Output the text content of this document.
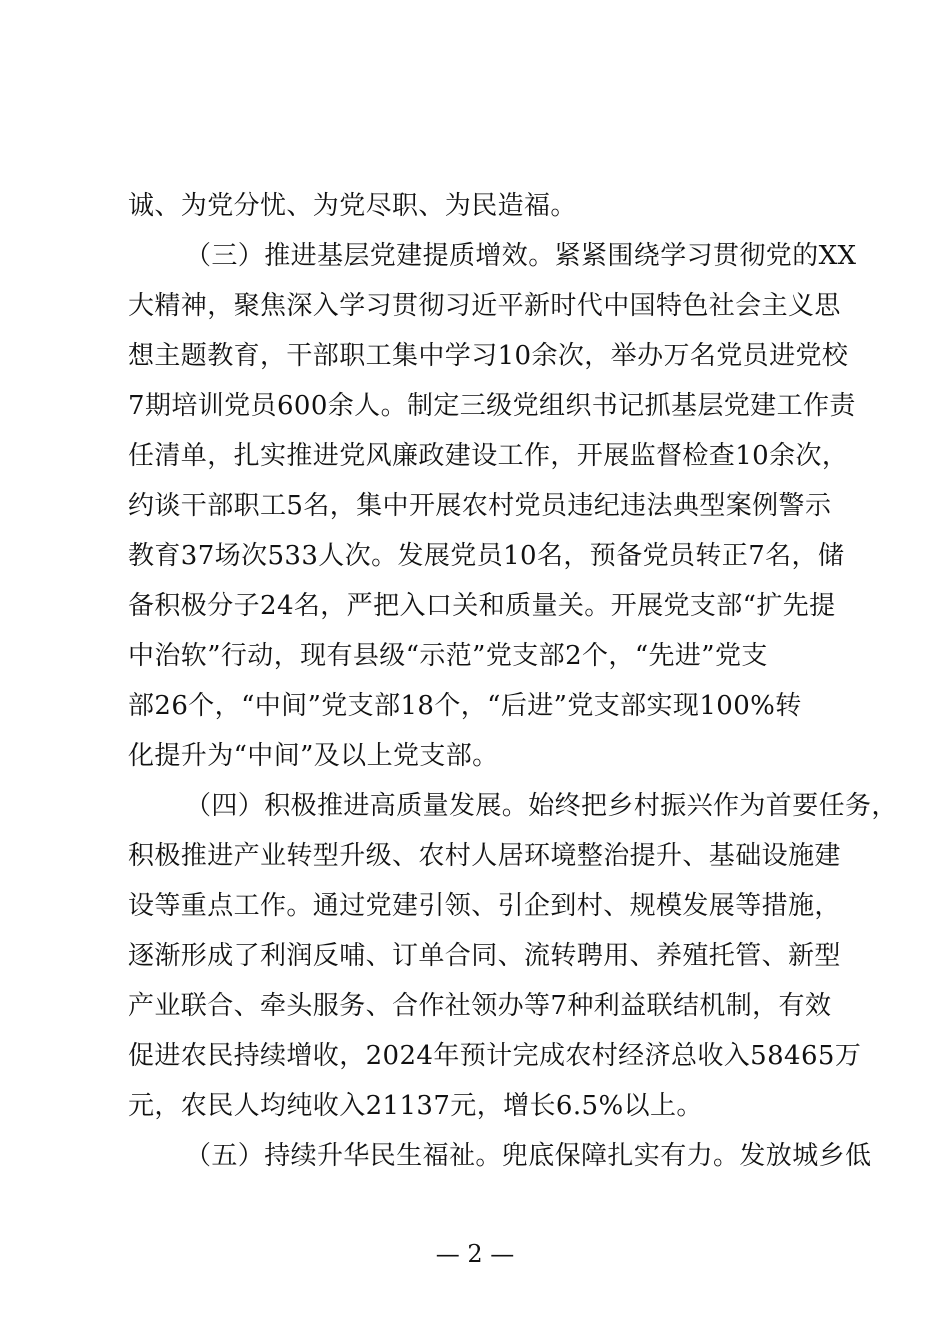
诚、为党分忧、为党尽职、为民造福。
（三）推进基层党建提质增效。紧紧围绕学习贯彻党的XX
大精神，聚焦深入学习贯彻习近平新时代中国特色社会主义思
想主题教育，干部职工集中学习10余次，举办万名党员进党校
7期培训党员600余人。制定三级党组织书记抓基层党建工作责
任清单，扎实推进党风廉政建设工作，开展监督检查10余次，
约谈干部职工5名，集中开展农村党员违纪违法典型案例警示
教育37场次533人次。发展党员10名，预备党员转正7名，储
备积极分子24名，严把入口关和质量关。开展党支部“扩先提
中治软”行动，现有县级“示范”党支部2个，“先进”党支
部26个，“中间”党支部18个，“后进”党支部实现100%转
化提升为“中间”及以上党支部。
（四）积极推进高质量发展。始终把乡村振兴作为首要任务，
积极推进产业转型升级、农村人居环境整治提升、基础设施建
设等重点工作。通过党建引领、引企到村、规模发展等措施，
逐渐形成了利润反哺、订单合同、流转聘用、养殖托管、新型
产业联合、牵头服务、合作社领办等7种利益联结机制，有效
促进农民持续增收，2024年预计完成农村经济总收入58465万
元，农民人均纯收入21137元，增长6.5%以上。
（五）持续升华民生福祉。兜底保障扎实有力。发放城乡低
— 2 —
